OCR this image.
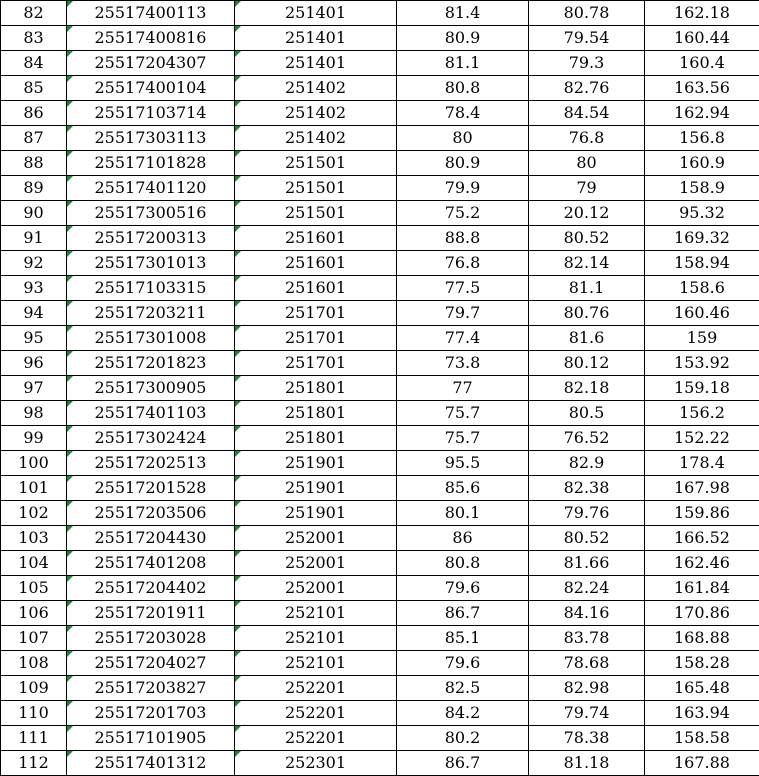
82	25517400113	251401	81.4	80.78	162.18
83	25517400816	251401	80.9	79.54	160.44
84	25517204307	251401	81.1	79.3	160.4
85	25517400104	251402	80.8	82.76	163.56
86	25517103714	251402	78.4	84.54	162.94
87	25517303113	251402	80	76.8	156.8
88	25517101828	251501	80.9	80	160.9
89	25517401120	251501	79.9	79	158.9
90	25517300516	251501	75.2	20.12	95.32
91	25517200313	251601	88.8	80.52	169.32
92	25517301013	251601	76.8	82.14	158.94
93	25517103315	251601	77.5	81.1	158.6
94	25517203211	251701	79.7	80.76	160.46
95	25517301008	251701	77.4	81.6	159
96	25517201823	251701	73.8	80.12	153.92
97	25517300905	251801	77	82.18	159.18
98	25517401103	251801	75.7	80.5	156.2
99	25517302424	251801	75.7	76.52	152.22
100	25517202513	251901	95.5	82.9	178.4
101	25517201528	251901	85.6	82.38	167.98
102	25517203506	251901	80.1	79.76	159.86
103	25517204430	252001	86	80.52	166.52
104	25517401208	252001	80.8	81.66	162.46
105	25517204402	252001	79.6	82.24	161.84
106	25517201911	252101	86.7	84.16	170.86
107	25517203028	252101	85.1	83.78	168.88
108	25517204027	252101	79.6	78.68	158.28
109	25517203827	252201	82.5	82.98	165.48
110	25517201703	252201	84.2	79.74	163.94
111	25517101905	252201	80.2	78.38	158.58
112	25517401312	252301	86.7	81.18	167.88
